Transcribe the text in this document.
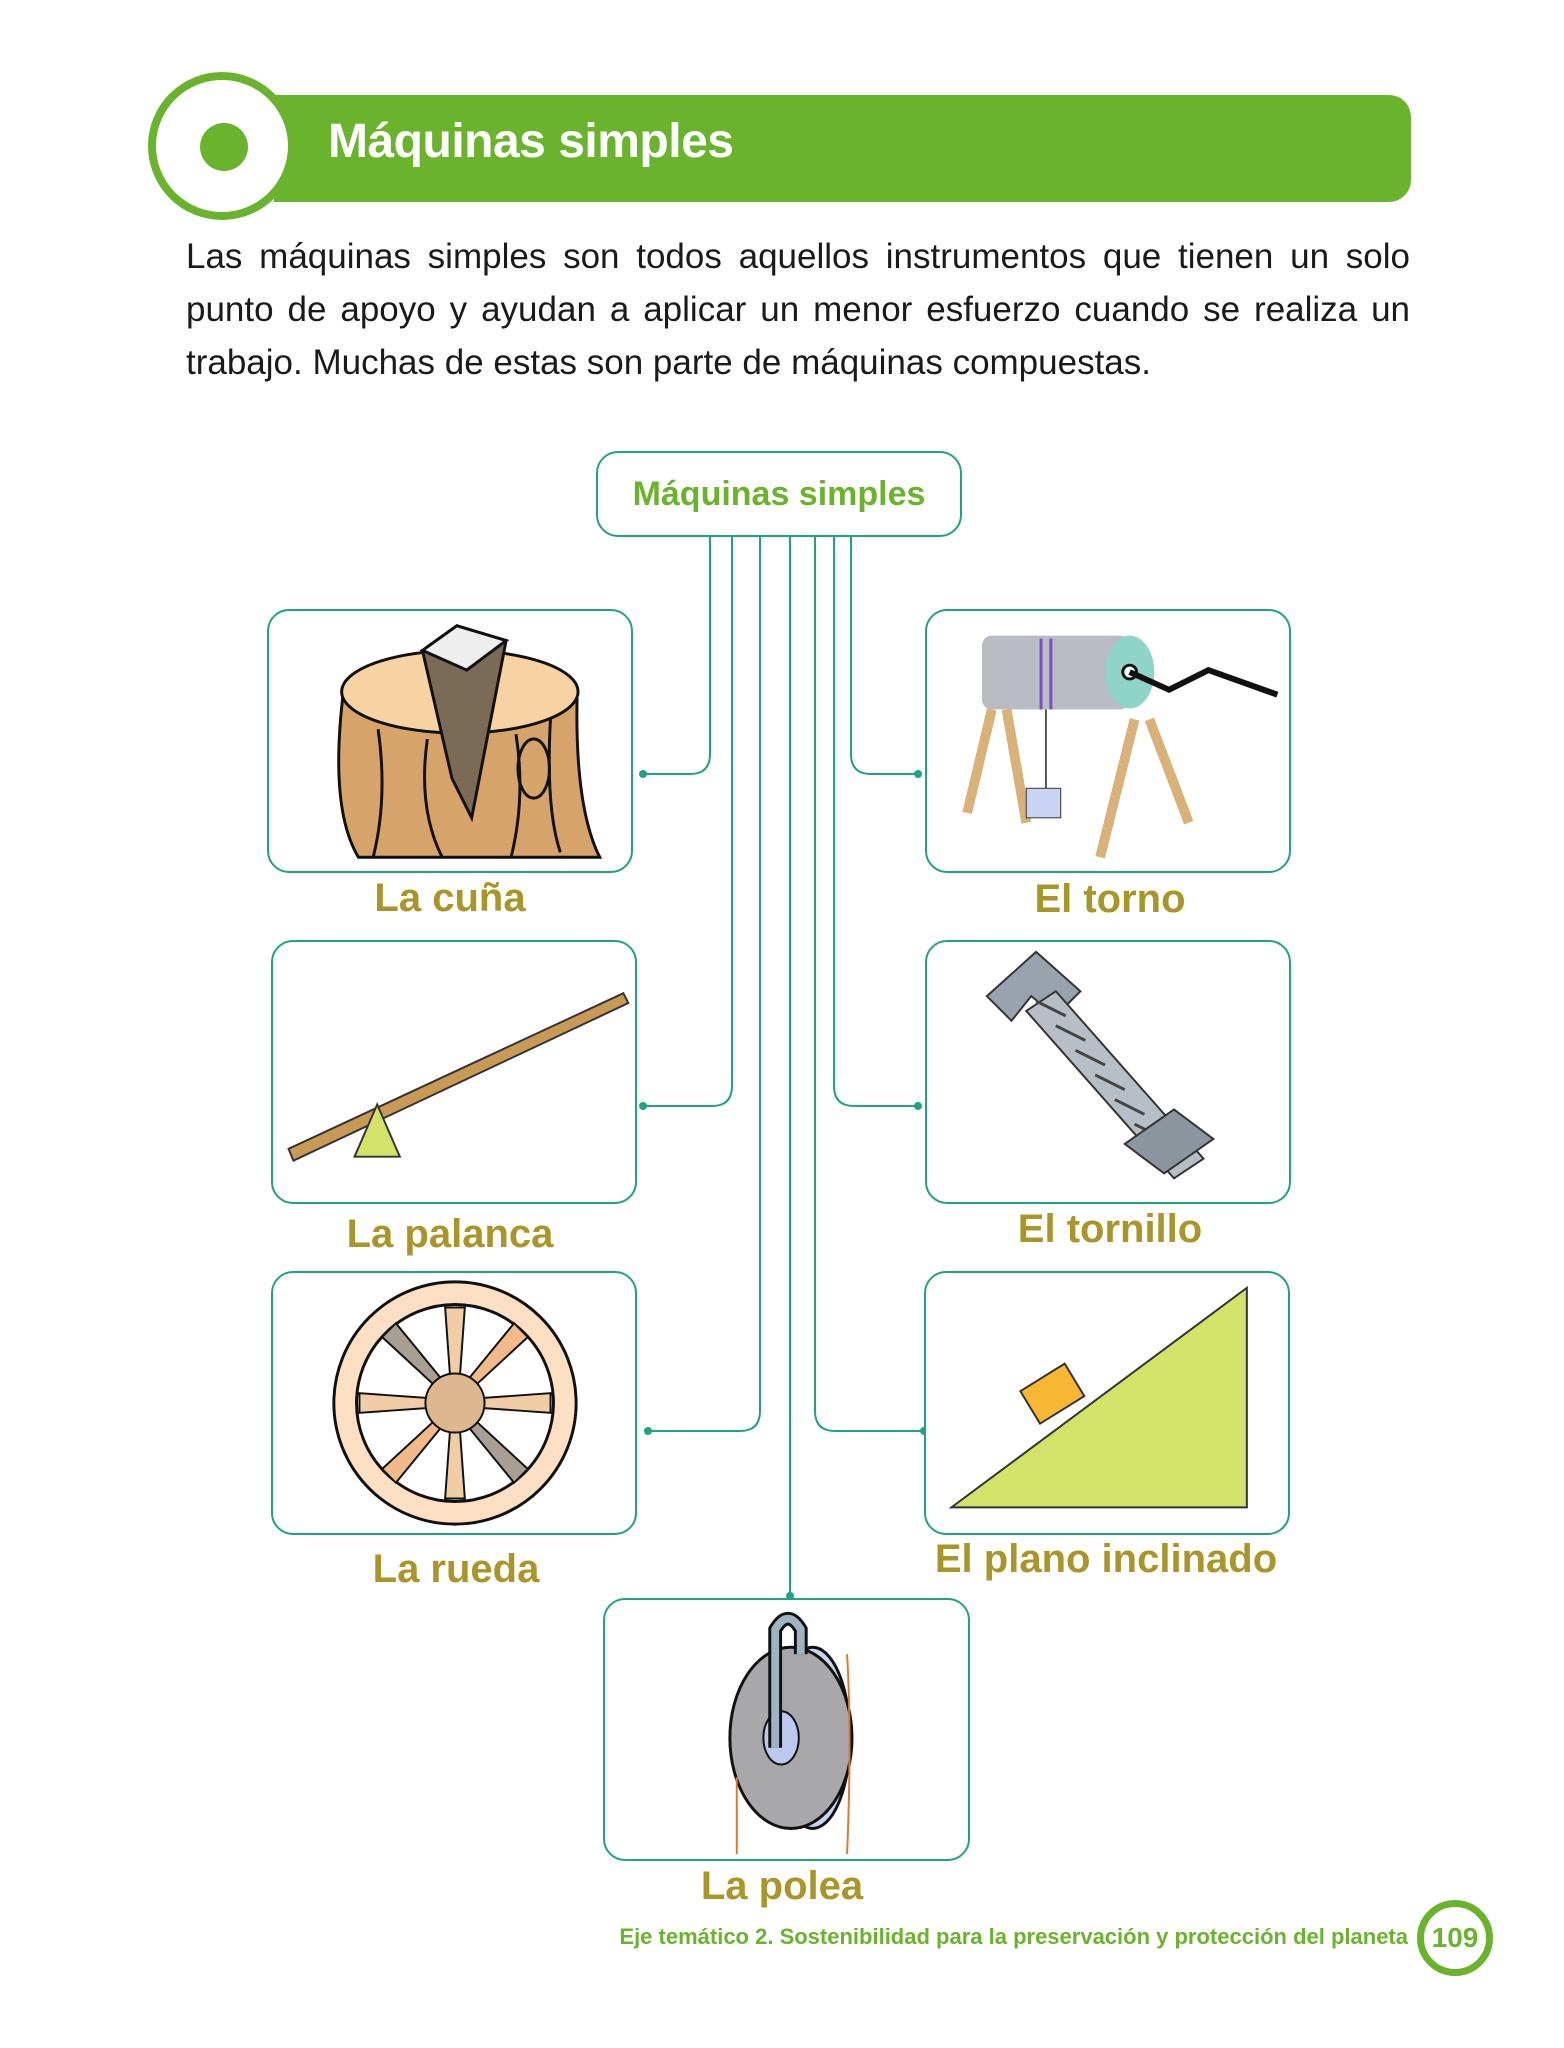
Máquinas simples
Las máquinas simples son todos aquellos instrumentos que tienen un solo punto de apoyo y ayudan a aplicar un menor esfuerzo cuando se realiza un trabajo. Muchas de estas son parte de máquinas compuestas.
Máquinas simples
La cuña	El torno
La palanca	El tornillo
La rueda	El plano inclinado
La polea
Eje temático 2. Sostenibilidad para la preservación y protección del planeta 109
